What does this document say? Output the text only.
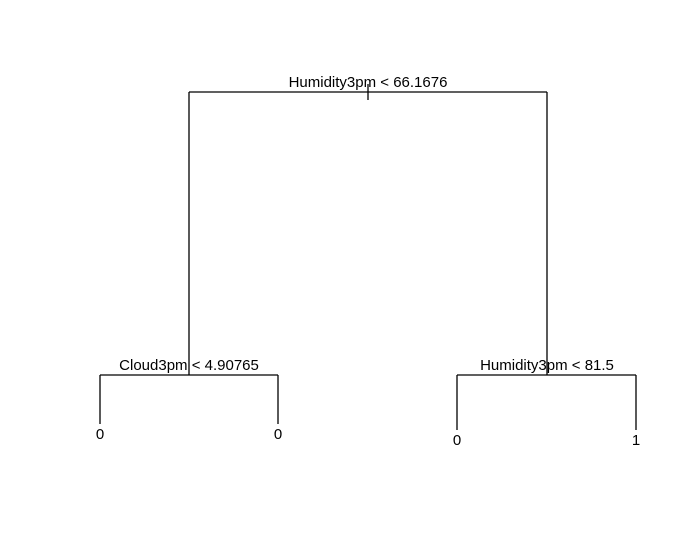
Humidity3pm < 66.1676
Cloud3pm < 4.90765	Humidity3pm < 81.5
0	0	0	1
